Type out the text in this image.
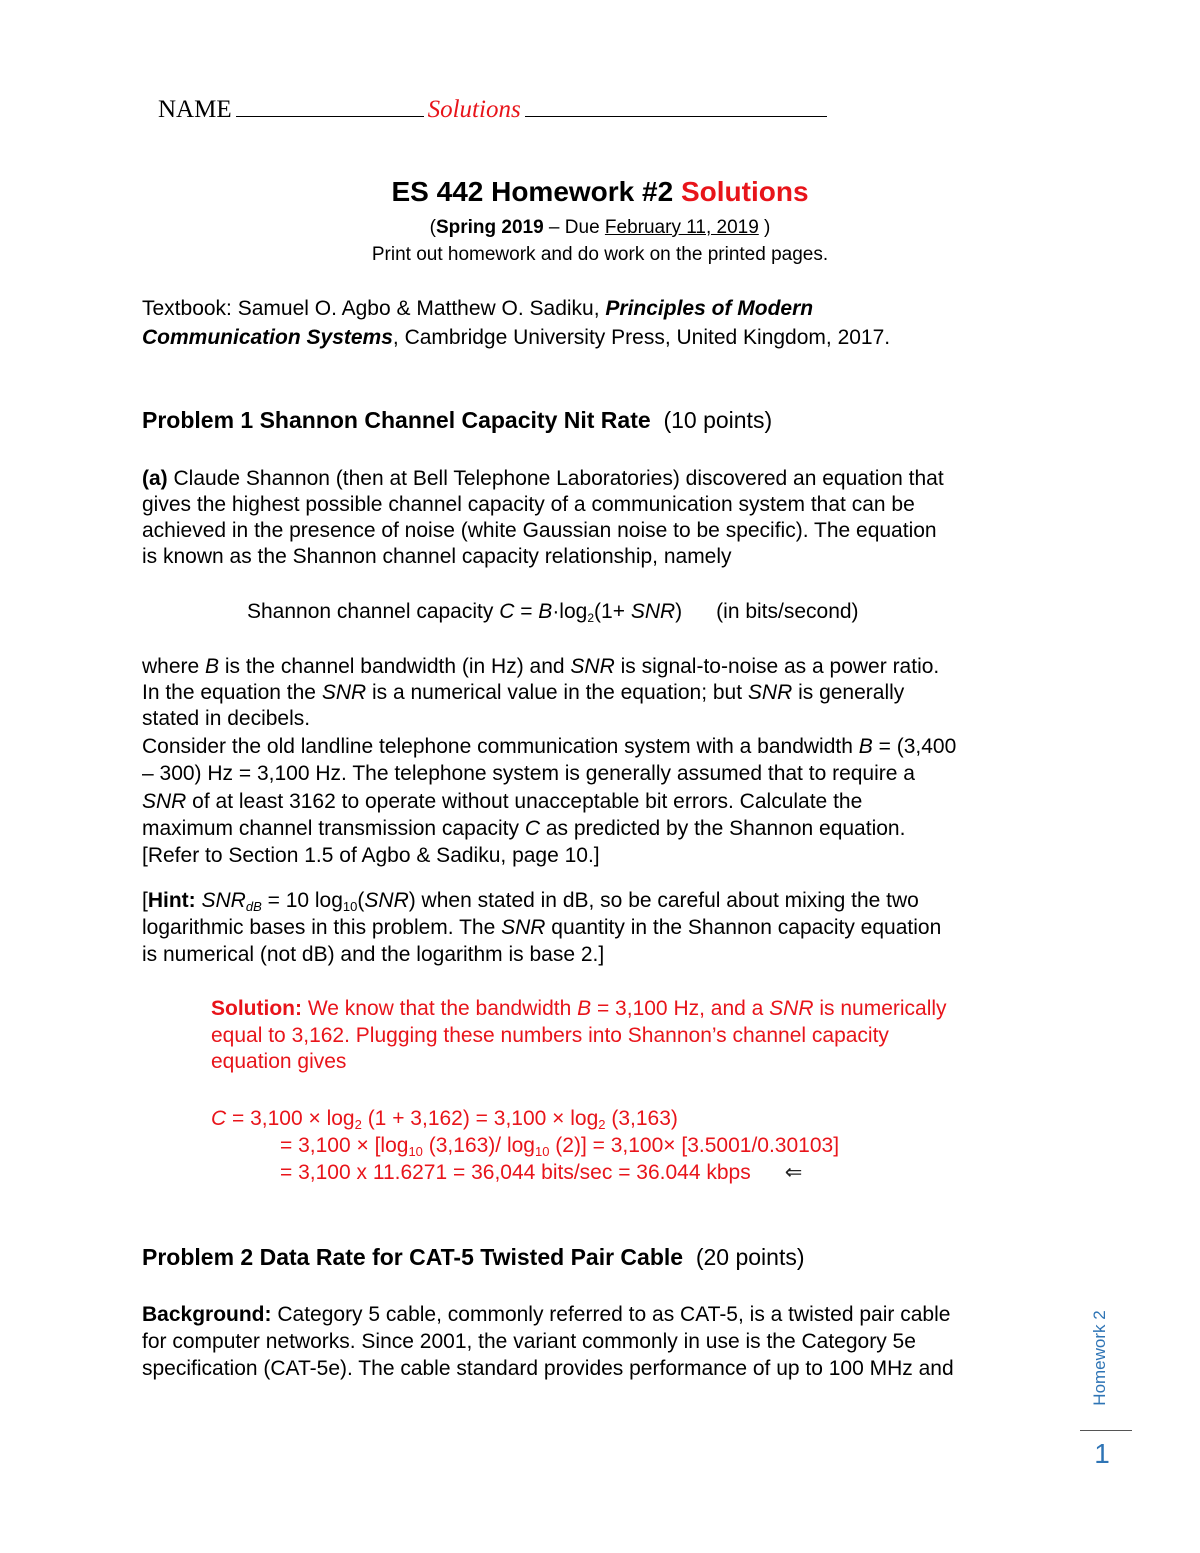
NAME	Solutions
ES 442 Homework #2 Solutions
(Spring 2019 – Due February 11, 2019 )
Print out homework and do work on the printed pages.
Textbook: Samuel O. Agbo & Matthew O. Sadiku, Principles of Modern
Communication Systems, Cambridge University Press, United Kingdom, 2017.
Problem 1 Shannon Channel Capacity Nit Rate (10 points)
(a) Claude Shannon (then at Bell Telephone Laboratories) discovered an equation that
gives the highest possible channel capacity of a communication system that can be
achieved in the presence of noise (white Gaussian noise to be specific). The equation
is known as the Shannon channel capacity relationship, namely
Shannon channel capacity $C = B\cdot\log_2(1+ SNR)$ (in bits/second)
where B is the channel bandwidth (in Hz) and SNR is signal-to-noise as a power ratio.
In the equation the SNR is a numerical value in the equation; but SNR is generally
stated in decibels.
Consider the old landline telephone communication system with a bandwidth B = (3,400
– 300) Hz = 3,100 Hz. The telephone system is generally assumed that to require a
SNR of at least 3162 to operate without unacceptable bit errors. Calculate the
maximum channel transmission capacity C as predicted by the Shannon equation.
[Refer to Section 1.5 of Agbo & Sadiku, page 10.]
[Hint: $SNR_{dB} = 10$ $\log_{10}(SNR)$ when stated in dB, so be careful about mixing the two
logarithmic bases in this problem. The SNR quantity in the Shannon capacity equation
is numerical (not dB) and the logarithm is base 2.]
Solution: We know that the bandwidth B = 3,100 Hz, and a SNR is numerically
equal to 3,162. Plugging these numbers into Shannon’s channel capacity
equation gives
$C = 3,100 \times \log_2 (1 + 3,162) = 3,100 \times \log_2 (3,163)$
= $3,100 \times [\log_{10}$ (3,163)/ $\log_{10} (2)] = 3,100\times [3.5001/0.30103]$
= 3,100 x 11.6271 = 36,044 bits/sec = 36.044 kbps ⇐
Problem 2 Data Rate for CAT-5 Twisted Pair Cable (20 points)
Background: Category 5 cable, commonly referred to as CAT-5, is a twisted pair cable
for computer networks. Since 2001, the variant commonly in use is the Category 5e
specification (CAT-5e). The cable standard provides performance of up to 100 MHz and	Homework 2
1
